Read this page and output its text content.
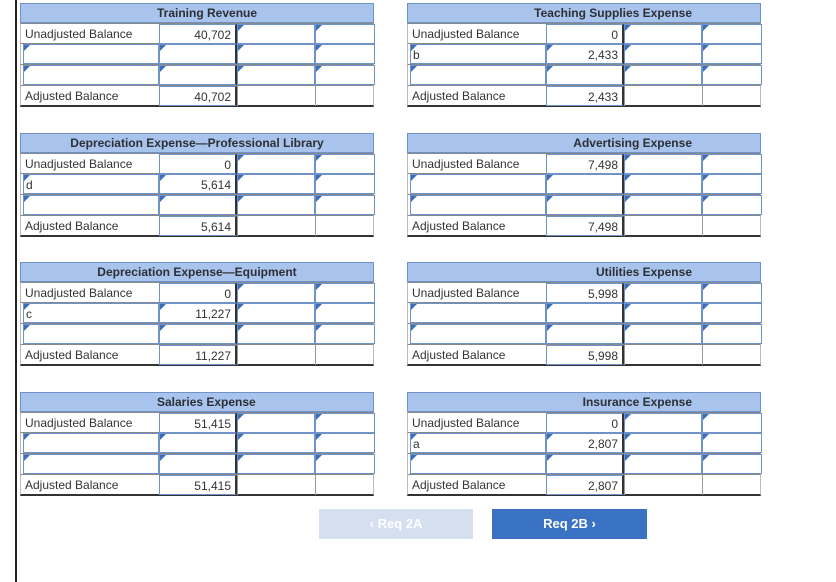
Training Revenue
Unadjusted Balance	40,702
Adjusted Balance	40,702
Teaching Supplies Expense
Unadjusted Balance	0
b	2,433
Adjusted Balance	2,433
Depreciation Expense—Professional Library
Unadjusted Balance	0
d	5,614
Adjusted Balance	5,614
Advertising Expense
Unadjusted Balance	7,498
Adjusted Balance	7,498
Depreciation Expense—Equipment
Unadjusted Balance	0
c	11,227
Adjusted Balance	11,227
Utilities Expense
Unadjusted Balance	5,998
Adjusted Balance	5,998
Salaries Expense
Unadjusted Balance	51,415
Adjusted Balance	51,415
Insurance Expense
Unadjusted Balance	0
a	2,807
Adjusted Balance	2,807
‹ Req 2A	Req 2B ›
